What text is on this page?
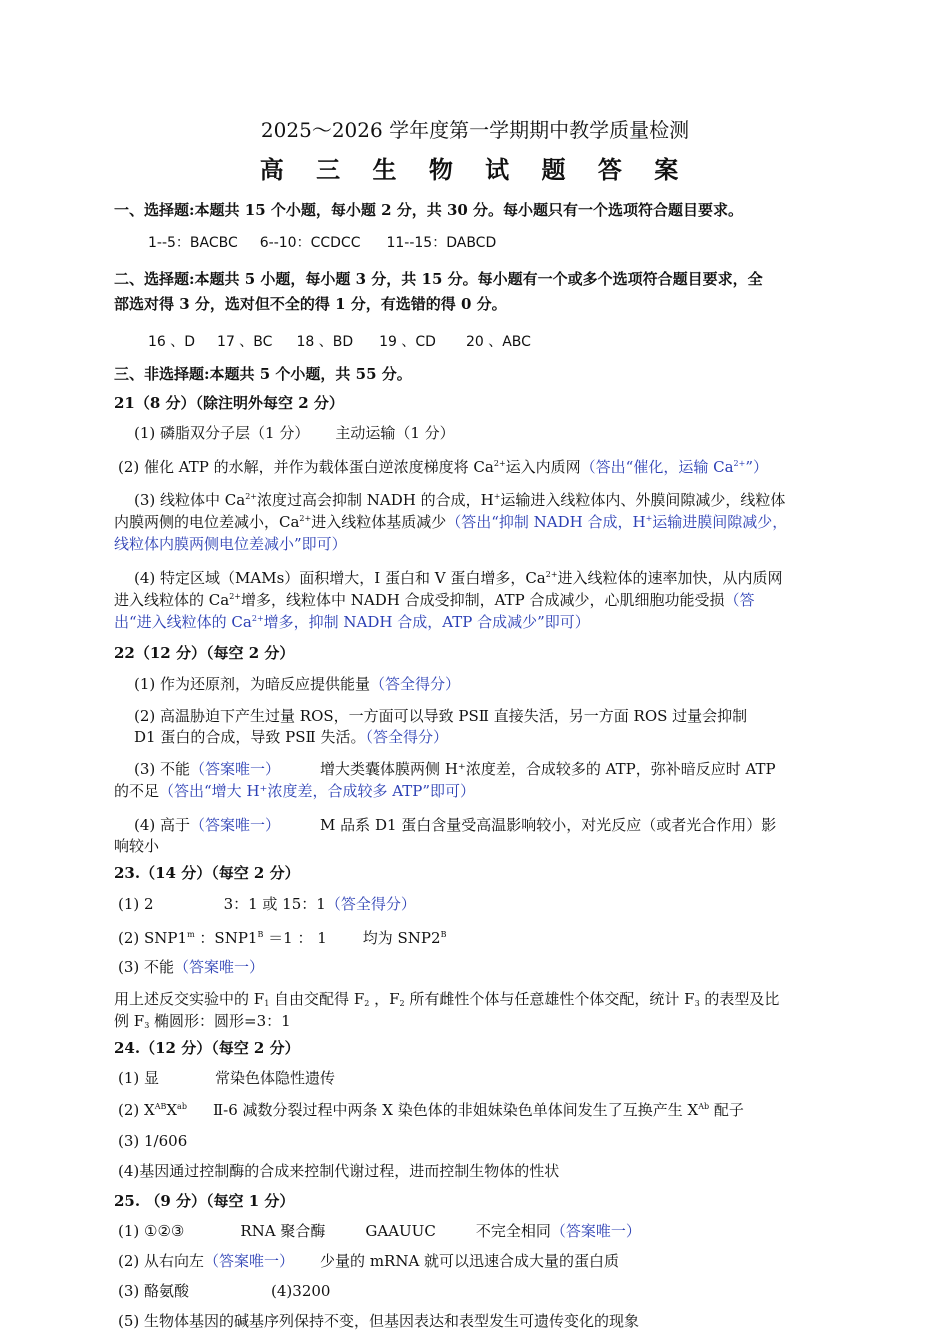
2025～2026 学年度第一学期期中教学质量检测
高 三 生 物 试 题 答 案
一、选择题:本题共 15 个小题，每小题 2 分，共 30 分。每小题只有一个选项符合题目要求。
1--5：BACBC 6--10：CCDCC 11--15：DABCD
二、选择题:本题共 5 小题，每小题 3 分，共 15 分。每小题有一个或多个选项符合题目要求，全
部选对得 3 分，选对但不全的得 1 分，有选错的得 0 分。
16 、D 17 、BC 18 、BD 19 、CD 20 、ABC
三、非选择题:本题共 5 个小题，共 55 分。
21（8 分）（除注明外每空 2 分）
(1) 磷脂双分子层（1 分） 主动运输（1 分）
(2) 催化 ATP 的水解，并作为载体蛋白逆浓度梯度将 $Ca^{2+}$运入内质网（答出“催化，运输 $Ca^{2+}$”）
(3) 线粒体中 $Ca^{2+}$浓度过高会抑制 NADH 的合成，H+运输进入线粒体内、外膜间隙减少，线粒体
内膜两侧的电位差减小，$Ca^{2+}$进入线粒体基质减少（答出“抑制 NADH 合成，H+运输进膜间隙减少，
线粒体内膜两侧电位差减小”即可）
(4) 特定区域（MAMs）面积增大，I 蛋白和 V 蛋白增多，$Ca^{2+}$进入线粒体的速率加快，从内质网
进入线粒体的 $Ca^{2+}$增多，线粒体中 NADH 合成受抑制，ATP 合成减少，心肌细胞功能受损（答
出“进入线粒体的 $Ca^{2+}$增多，抑制 NADH 合成，ATP 合成减少”即可）
22（12 分）（每空 2 分）
(1) 作为还原剂，为暗反应提供能量（答全得分）
(2) 高温胁迫下产生过量 ROS，一方面可以导致 PSⅡ 直接失活，另一方面 ROS 过量会抑制
D1 蛋白的合成，导致 PSⅡ 失活。（答全得分）
(3) 不能（答案唯一）	增大类囊体膜两侧 H⁺浓度差，合成较多的 ATP，弥补暗反应时 ATP
的不足（答出“增大 H⁺浓度差，合成较多 ATP”即可）
(4) 高于（答案唯一）	M 品系 D1 蛋白含量受高温影响较小，对光反应（或者光合作用）影
响较小
23.（14 分）（每空 2 分）
(1) 2	3：1 或 15：1（答全得分）
(2) SNP1$^m$ ：$SNP1^B =1$ ： 1 均为 $SNP2^B$
(3) 不能（答案唯一）
用上述反交实验中的 $F_1$ 自由交配得 $F_2$ ，$F_2$ 所有雌性个体与任意雄性个体交配，统计 $F_3$ 的表型及比
例 $F_3$ 椭圆形：圆形=3：1
24.（12 分）（每空 2 分）
(1) 显	常染色体隐性遗传
(2) $X^{AB}X^{ab}$ Ⅱ-6 减数分裂过程中两条 X 染色体的非姐妹染色单体间发生了互换产生 $X^{Ab}$ 配子
(3) 1/606
(4)基因通过控制酶的合成来控制代谢过程，进而控制生物体的性状
25. （9 分）（每空 1 分）
(1) ①②③	RNA 聚合酶	GAAUUC	不完全相同（答案唯一）
(2) 从右向左（答案唯一） 少量的 mRNA 就可以迅速合成大量的蛋白质
(3) 酪氨酸	(4)3200
(5) 生物体基因的碱基序列保持不变，但基因表达和表型发生可遗传变化的现象
